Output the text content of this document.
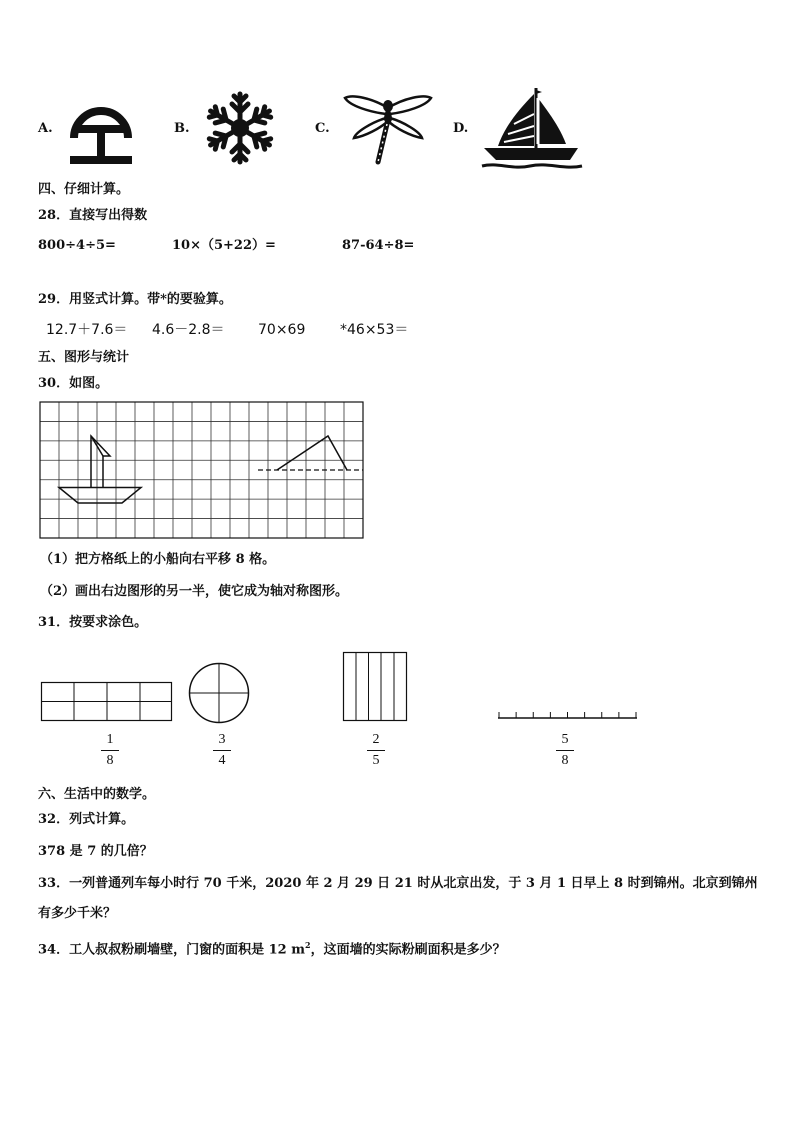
A.	B.	C.	D.
四、仔细计算。
28．直接写出得数
800÷4÷5=	10×（5+22）=	87-64÷8=
29．用竖式计算。带*的要验算。
12.7＋7.6＝ 4.6－2.8＝ 70×69 *46×53＝
五、图形与统计
30．如图。
（1）把方格纸上的小船向右平移 8 格。
（2）画出右边图形的另一半，使它成为轴对称图形。
31．按要求涂色。
1
8
3
4
2
5
5
8
六、生活中的数学。
32．列式计算。
378 是 7 的几倍？
33．一列普通列车每小时行 70 千米，2020 年 2 月 29 日 21 时从北京出发，于 3 月 1 日早上 8 时到锦州。北京到锦州
有多少千米？
34．工人叔叔粉刷墙壁，门窗的面积是 12 $m^2$，这面墙的实际粉刷面积是多少？
